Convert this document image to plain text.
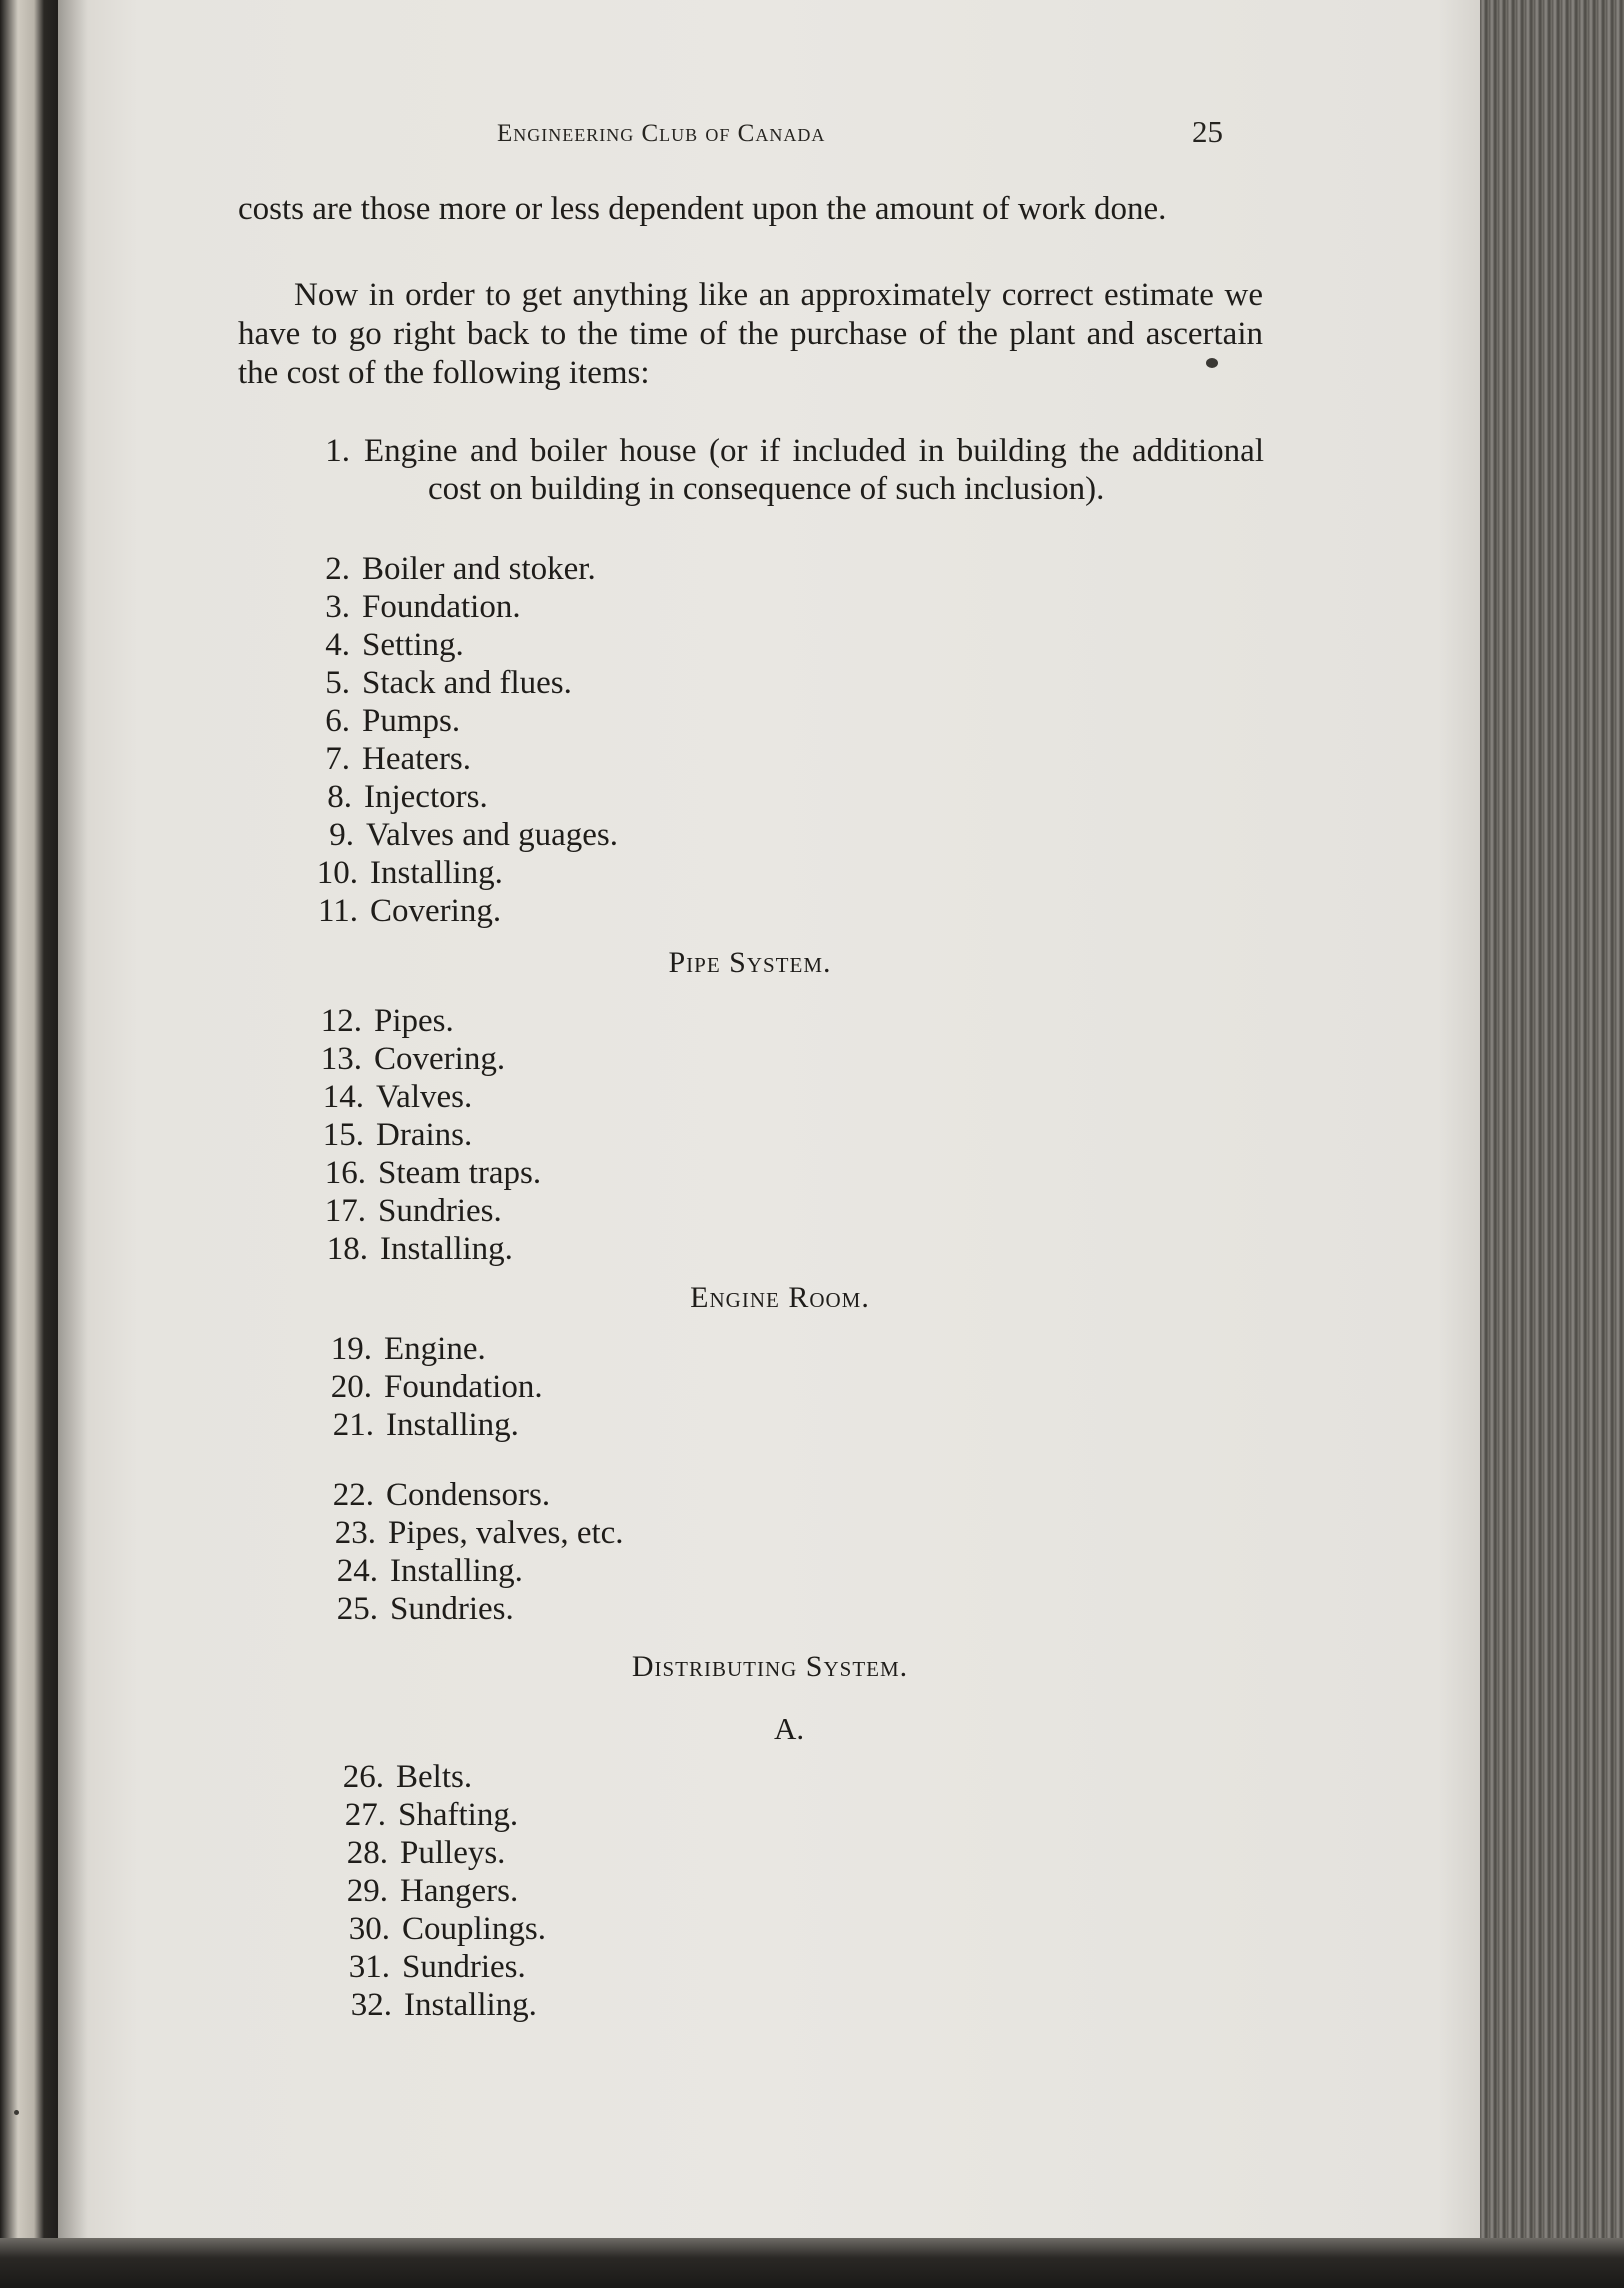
Engineering Club of Canada	25
costs are those more or less dependent upon the amount of work done.
Now in order to get anything like an approximately correct estimate we have to go right back to the time of the purchase of the plant and ascertain the cost of the following items:
1. Engine and boiler house (or if included in building the additional cost on building in consequence of such inclusion).
2. Boiler and stoker.
3. Foundation.
4. Setting.
5. Stack and flues.
6. Pumps.
7. Heaters.
8. Injectors.
9. Valves and guages.
10. Installing.
11. Covering.
12. Pipes.
13. Covering.
14. Valves.
15. Drains.
16. Steam traps.
17. Sundries.
18. Installing.
19. Engine.
20. Foundation.
21. Installing.
22. Condensors.
23. Pipes, valves, etc.
24. Installing.
25. Sundries.
26. Belts.
27. Shafting.
28. Pulleys.
29. Hangers.
30. Couplings.
31. Sundries.
32. Installing.
Pipe System.
Engine Room.
Distributing System.
A.
